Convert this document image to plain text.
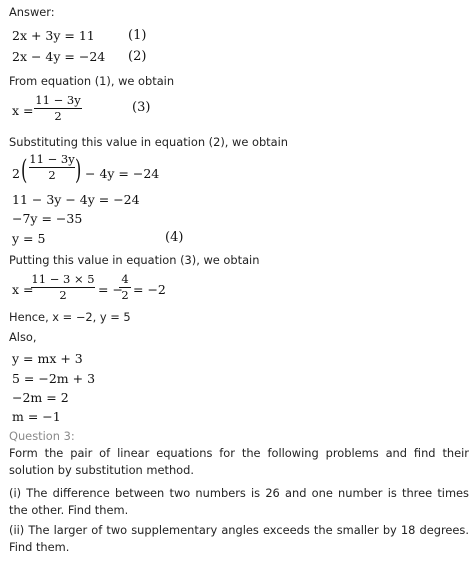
Answer:
2x + 3y = 11	(1)
2x − 4y = −24 (2)
From equation (1), we obtain
x =
11 − 3y
2
(3)
Substituting this value in equation (2), we obtain
2 ( 11 − 3y
2 ) − 4y = −24
11 − 3y − 4y = −24
−7y = −35
y = 5	(4)
Putting this value in equation (3), we obtain
x =
11 − 3 × 5
2	= −
4
2 = −2
Hence, x = −2, y = 5
Also,
y = mx + 3
5 = −2m + 3
−2m = 2
m = −1
Question 3:
Form the pair of linear equations for the following problems and find their solution by substitution method.
(i) The difference between two numbers is 26 and one number is three times the other. Find them.
(ii) The larger of two supplementary angles exceeds the smaller by 18 degrees. Find them.
